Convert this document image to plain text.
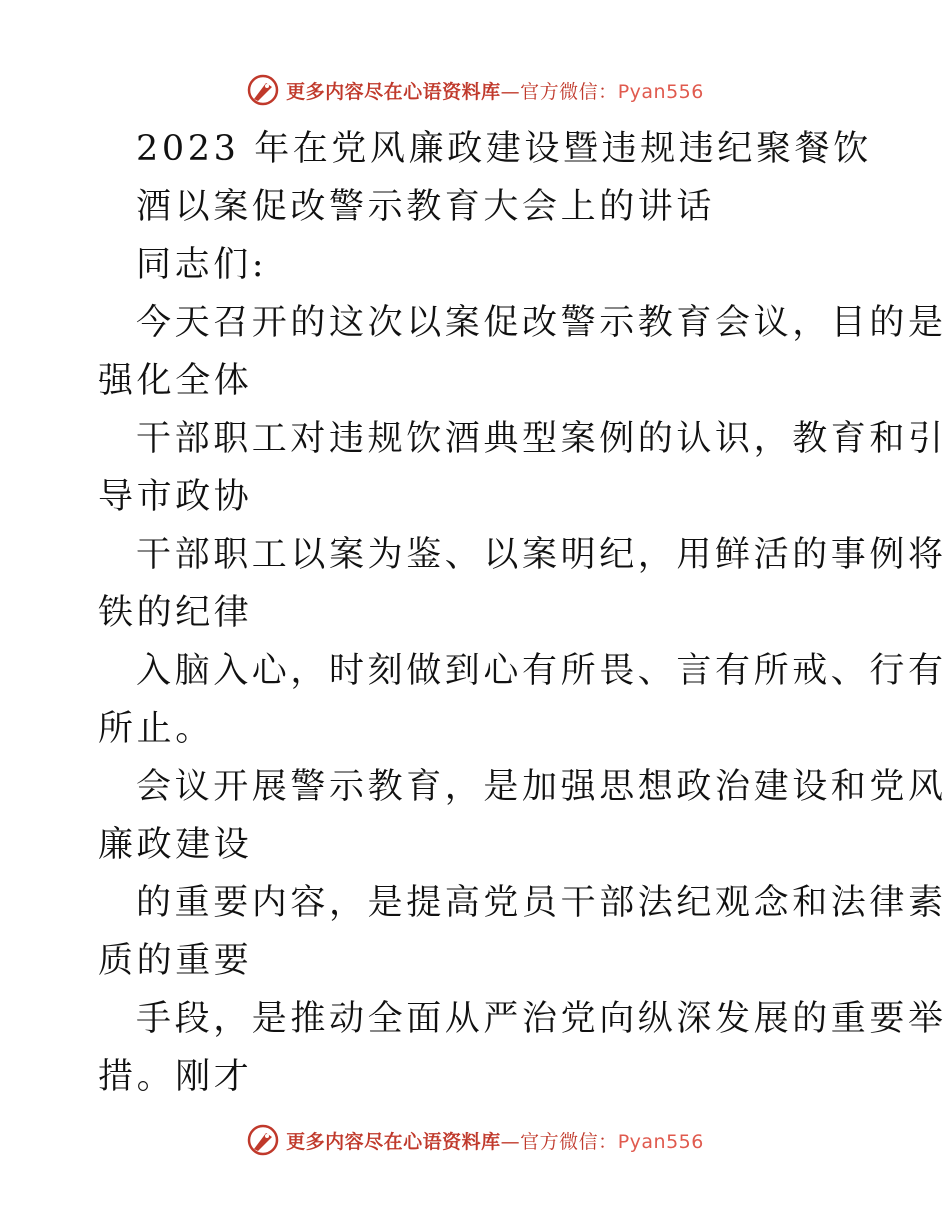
更多内容尽在心语资料库—官方微信：Pyan556
2023 年在党风廉政建设暨违规违纪聚餐饮
酒以案促改警示教育大会上的讲话
同志们:
今天召开的这次以案促改警示教育会议，目的是
强化全体
干部职工对违规饮酒典型案例的认识，教育和引
导市政协
干部职工以案为鉴、以案明纪，用鲜活的事例将
铁的纪律
入脑入心，时刻做到心有所畏、言有所戒、行有
所止。
会议开展警示教育，是加强思想政治建设和党风
廉政建设
的重要内容，是提高党员干部法纪观念和法律素
质的重要
手段，是推动全面从严治党向纵深发展的重要举
措。刚才
更多内容尽在心语资料库—官方微信：Pyan556
